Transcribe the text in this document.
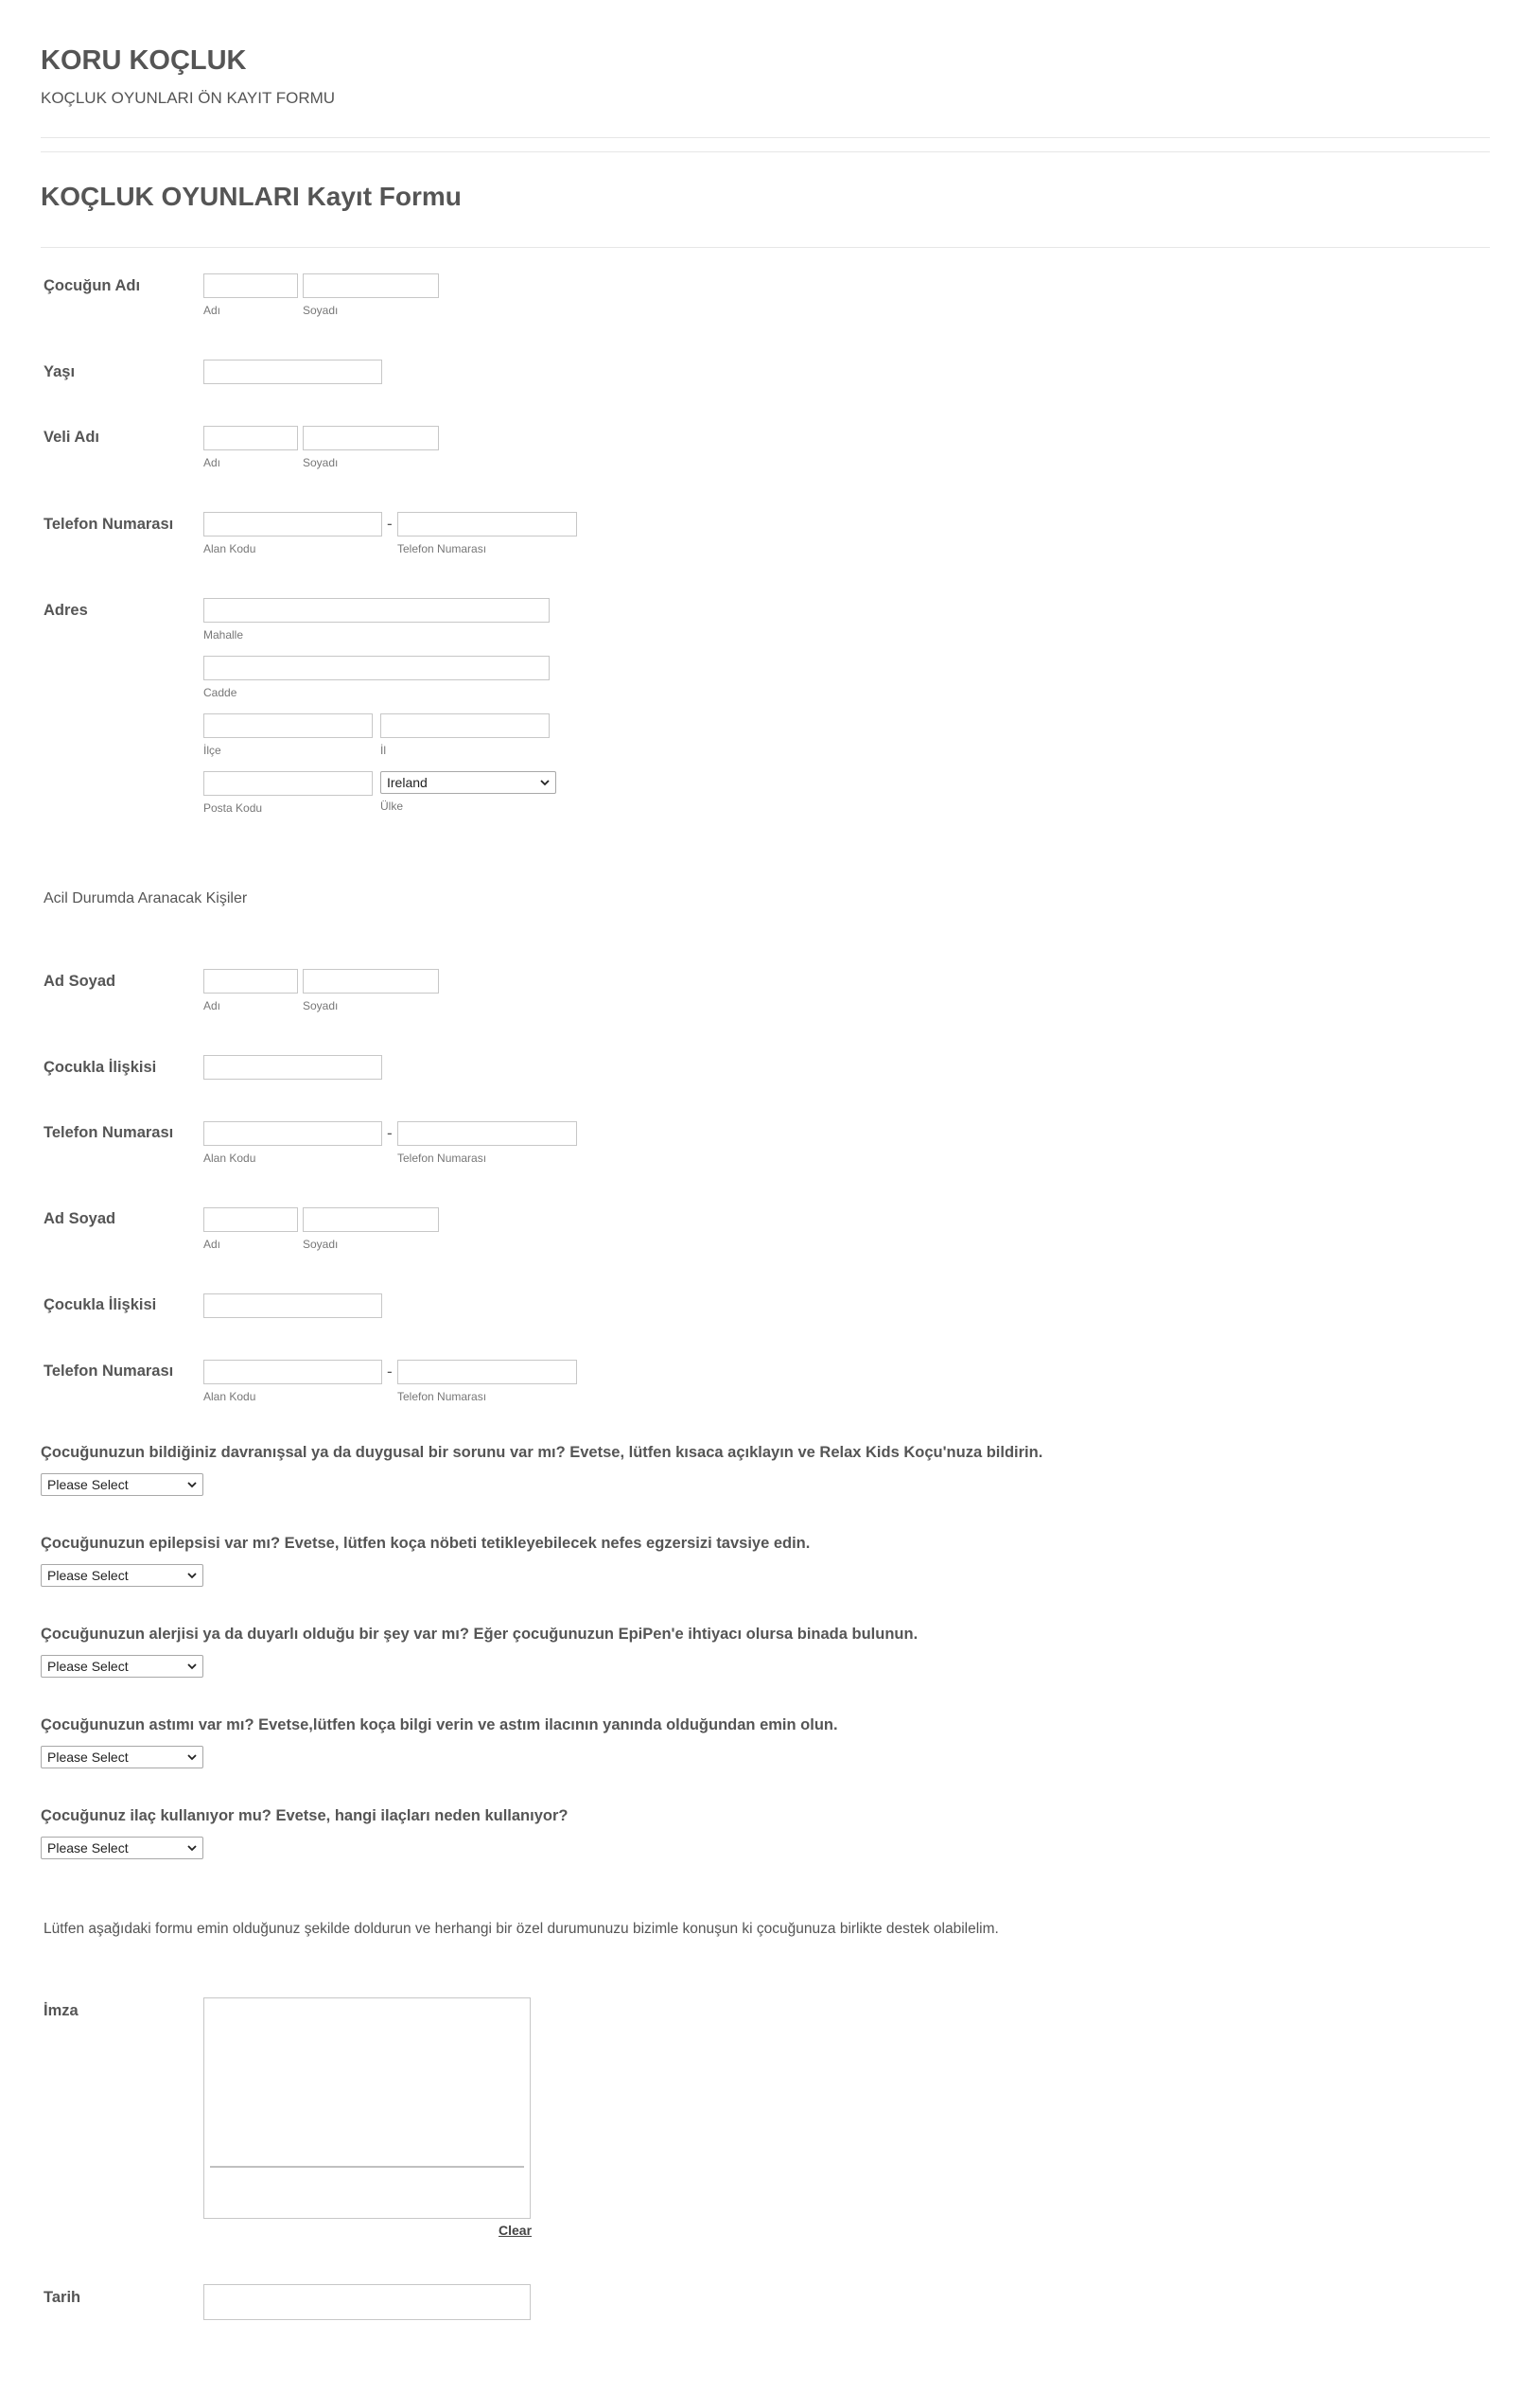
KORU KOÇLUK
KOÇLUK OYUNLARI ÖN KAYIT FORMU
KOÇLUK OYUNLARI Kayıt Formu
Çocuğun Adı
Adı	Soyadı
Yaşı
Veli Adı
Adı	Soyadı
Telefon Numarası	-
Alan Kodu	Telefon Numarası
Adres
Mahalle
Cadde
İlçe	İl
Ireland
Posta Kodu	Ülke
Acil Durumda Aranacak Kişiler
Ad Soyad
Adı	Soyadı
Çocukla İlişkisi
Telefon Numarası	-
Alan Kodu	Telefon Numarası
Ad Soyad
Adı	Soyadı
Çocukla İlişkisi
Telefon Numarası	-
Alan Kodu	Telefon Numarası
Çocuğunuzun bildiğiniz davranışsal ya da duygusal bir sorunu var mı? Evetse, lütfen kısaca açıklayın ve Relax Kids Koçu'nuza bildirin.
Please Select
Çocuğunuzun epilepsisi var mı? Evetse, lütfen koça nöbeti tetikleyebilecek nefes egzersizi tavsiye edin.
Please Select
Çocuğunuzun alerjisi ya da duyarlı olduğu bir şey var mı? Eğer çocuğunuzun EpiPen'e ihtiyacı olursa binada bulunun.
Please Select
Çocuğunuzun astımı var mı? Evetse,lütfen koça bilgi verin ve astım ilacının yanında olduğundan emin olun.
Please Select
Çocuğunuz ilaç kullanıyor mu? Evetse, hangi ilaçları neden kullanıyor?
Please Select
Lütfen aşağıdaki formu emin olduğunuz şekilde doldurun ve herhangi bir özel durumunuzu bizimle konuşun ki çocuğunuza birlikte destek olabilelim.
İmza
Clear
Tarih
